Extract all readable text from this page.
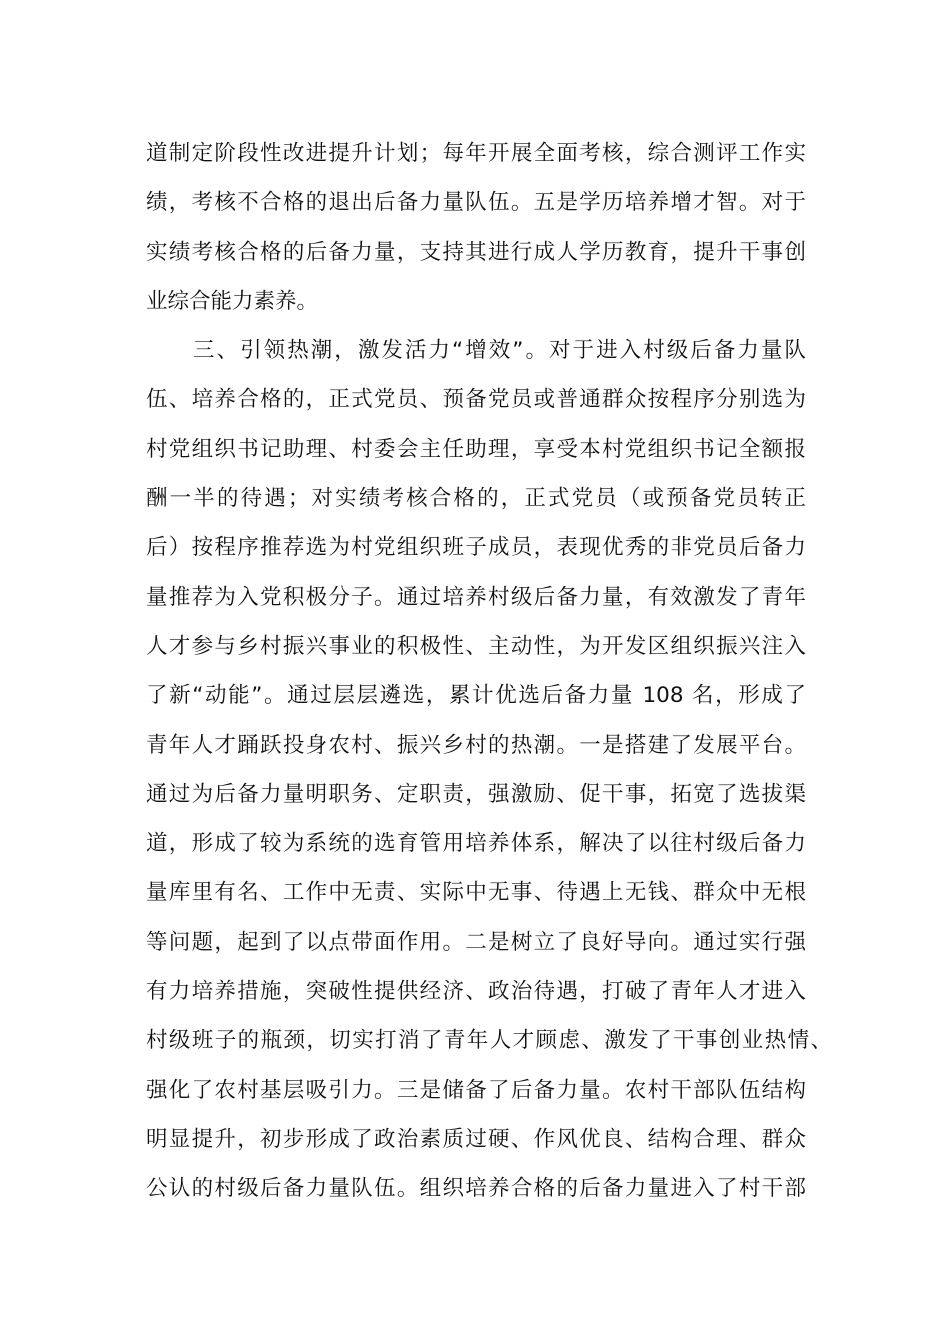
道制定阶段性改进提升计划；每年开展全面考核，综合测评工作实
绩，考核不合格的退出后备力量队伍。五是学历培养增才智。对于
实绩考核合格的后备力量，支持其进行成人学历教育，提升干事创
业综合能力素养。
三、引领热潮，激发活力“增效”。对于进入村级后备力量队
伍、培养合格的，正式党员、预备党员或普通群众按程序分别选为
村党组织书记助理、村委会主任助理，享受本村党组织书记全额报
酬一半的待遇；对实绩考核合格的，正式党员（或预备党员转正
后）按程序推荐选为村党组织班子成员，表现优秀的非党员后备力
量推荐为入党积极分子。通过培养村级后备力量，有效激发了青年
人才参与乡村振兴事业的积极性、主动性，为开发区组织振兴注入
了新“动能”。通过层层遴选，累计优选后备力量 108 名，形成了
青年人才踊跃投身农村、振兴乡村的热潮。一是搭建了发展平台。
通过为后备力量明职务、定职责，强激励、促干事，拓宽了选拔渠
道，形成了较为系统的选育管用培养体系，解决了以往村级后备力
量库里有名、工作中无责、实际中无事、待遇上无钱、群众中无根
等问题，起到了以点带面作用。二是树立了良好导向。通过实行强
有力培养措施，突破性提供经济、政治待遇，打破了青年人才进入
村级班子的瓶颈，切实打消了青年人才顾虑、激发了干事创业热情、
强化了农村基层吸引力。三是储备了后备力量。农村干部队伍结构
明显提升，初步形成了政治素质过硬、作风优良、结构合理、群众
公认的村级后备力量队伍。组织培养合格的后备力量进入了村干部
